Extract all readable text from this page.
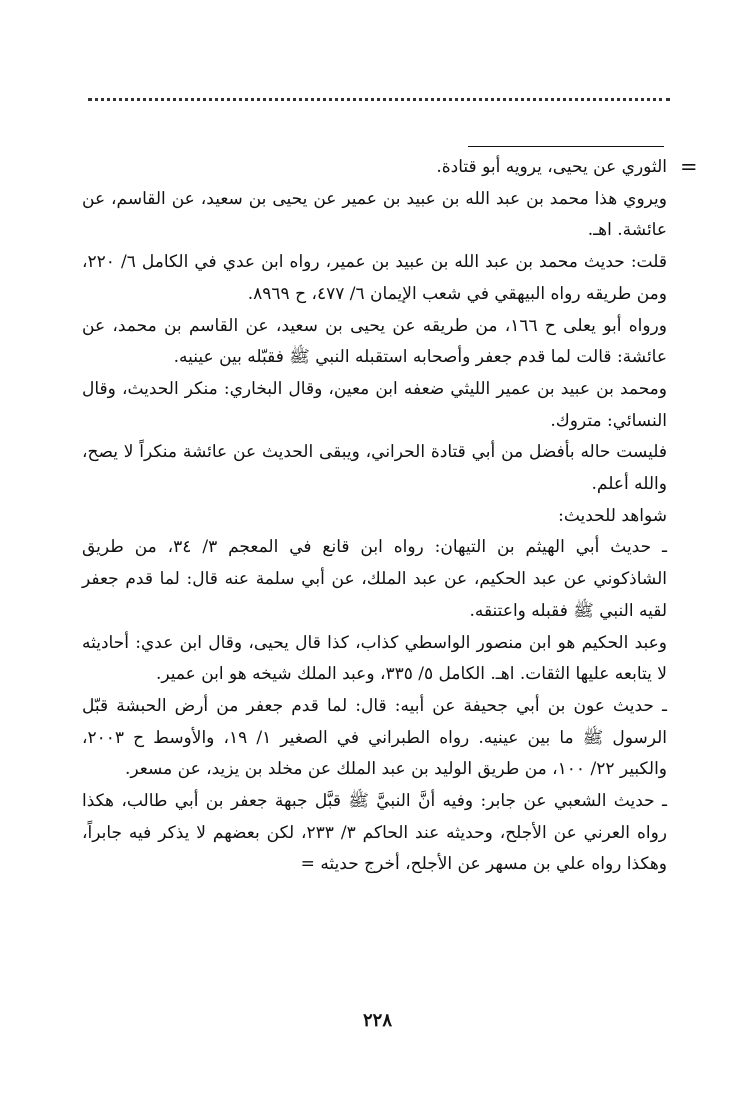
=

الثوري عن يحيى، يرويه أبو قتادة.

ويروي هذا محمد بن عبد الله بن عبيد بن عمير عن يحيى بن سعيد، عن القاسم، عن عائشة. اهـ.

قلت: حديث محمد بن عبد الله بن عبيد بن عمير، رواه ابن عدي في الكامل ٦/ ٢٢٠، ومن طريقه رواه البيهقي في شعب الإيمان ٦/ ٤٧٧، ح ٨٩٦٩.

ورواه أبو يعلى ح ١٦٦، من طريقه عن يحيى بن سعيد، عن القاسم بن محمد، عن عائشة: قالت لما قدم جعفر وأصحابه استقبله النبي ﷺ فقبّله بين عينيه.

ومحمد بن عبيد بن عمير الليثي ضعفه ابن معين، وقال البخاري: منكر الحديث، وقال النسائي: متروك.

فليست حاله بأفضل من أبي قتادة الحراني، ويبقى الحديث عن عائشة منكراً لا يصح، والله أعلم.

شواهد للحديث:

ـ حديث أبي الهيثم بن التيهان: رواه ابن قانع في المعجم ٣/ ٣٤، من طريق الشاذكوني عن عبد الحكيم، عن عبد الملك، عن أبي سلمة عنه قال: لما قدم جعفر لقيه النبي ﷺ فقبله واعتنقه.

وعبد الحكيم هو ابن منصور الواسطي كذاب، كذا قال يحيى، وقال ابن عدي: أحاديثه لا يتابعه عليها الثقات. اهـ. الكامل ٥/ ٣٣٥، وعبد الملك شيخه هو ابن عمير.

ـ حديث عون بن أبي جحيفة عن أبيه: قال: لما قدم جعفر من أرض الحبشة قبّل الرسول ﷺ ما بين عينيه. رواه الطبراني في الصغير ١/ ١٩، والأوسط ح ٢٠٠٣، والكبير ٢٢/ ١٠٠، من طريق الوليد بن عبد الملك عن مخلد بن يزيد، عن مسعر.

ـ حديث الشعبي عن جابر: وفيه أنَّ النبيَّ ﷺ قبَّل جبهة جعفر بن أبي طالب، هكذا رواه العرني عن الأجلح، وحديثه عند الحاكم ٣/ ٢٣٣، لكن بعضهم لا يذكر فيه جابراً، وهكذا رواه علي بن مسهر عن الأجلح، أخرج حديثه =

٢٢٨
